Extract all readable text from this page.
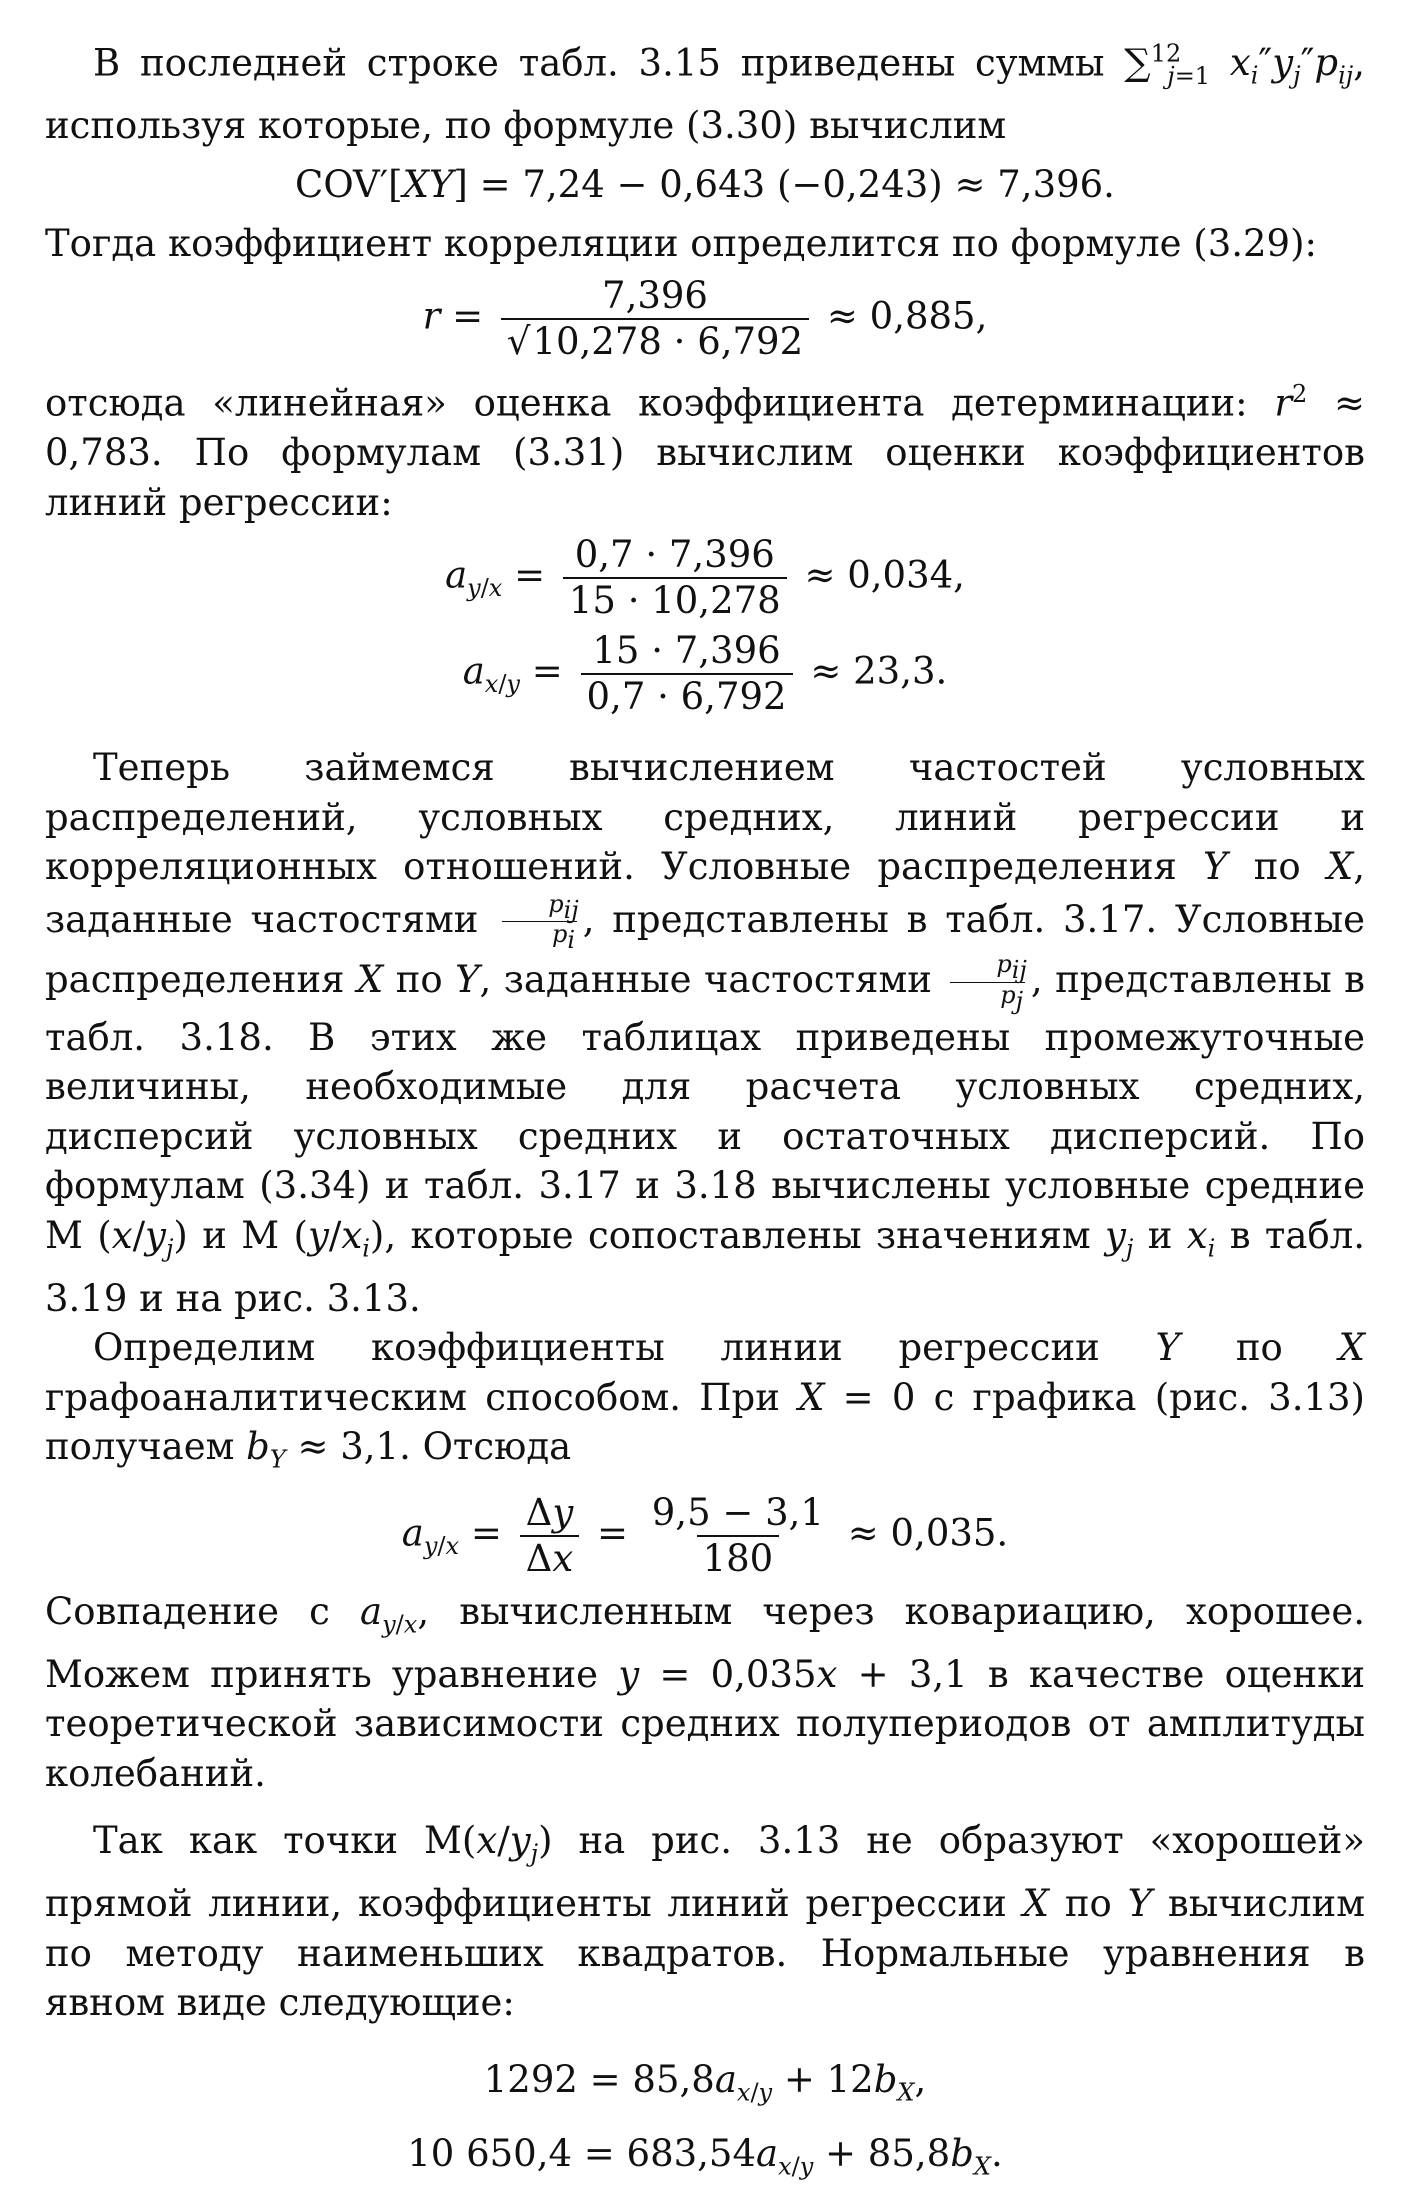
В последней строке табл. 3.15 приведены суммы ∑$^{12}_{j=1}$ $x_i''y_j''p_{ij}$, используя которые, по формуле (3.30) вычислим

COV′[XY] = 7,24 − 0,643 (−0,243) ≈ 7,396.

Тогда коэффициент корреляции определится по формуле (3.29):

$r = \frac{7,396}{√10,278 \cdot 6,792} \approx 0,885$,

отсюда «линейная» оценка коэффициента детерминации: $r^2 \approx 0,783$. По формулам (3.31) вычислим оценки коэффициентов линий регрессии:

$a_{y/x} = \frac{0,7 \cdot 7,396}{15 \cdot 10,278} \approx 0,034$,
$a_{x/y} = \frac{15 \cdot 7,396}{0,7 \cdot 6,792} \approx 23,3$.

Теперь займемся вычислением частостей условных распределений, условных средних, линий регрессии и корреляционных отношений. Условные распределения Y по X, заданные частостями $\frac{p_{ij}}{p_i}$ , представлены в табл. 3.17. Условные распределения X по Y, заданные частостями $\frac{p_{ij}}{p_j}$ , представлены в табл. 3.18. В этих же таблицах приведены промежуточные величины, необходимые для расчета условных средних, дисперсий условных средних и остаточных дисперсий. По формулам (3.34) и табл. 3.17 и 3.18 вычислены условные средние M $(x/y_j)$ и M $(y/x_i)$, которые сопоставлены значениям $y_j$ и $x_i$ в табл. 3.19 и на рис. 3.13.

Определим коэффициенты линии регрессии Y по X графоаналитическим способом. При X = 0 с графика (рис. 3.13) получаем $b_Y \approx 3,1$. Отсюда

$a_{y/x} = \frac{\Delta y}{\Delta x} = \frac{9,5 - 3,1}{180} \approx 0,035$.

Совпадение с $a_{y/x}$, вычисленным через ковариацию, хорошее. Можем принять уравнение y = 0,035x + 3,1 в качестве оценки теоретической зависимости средних полупериодов от амплитуды колебаний.

Так как точки $M(x/y_j)$ на рис. 3.13 не образуют «хорошей» прямой линии, коэффициенты линий регрессии X по Y вычислим по методу наименьших квадратов. Нормальные уравнения в явном виде следующие:

$1292 = 85,8a_{x/y} + 12b_X$,
10 $650,4 = 683,54a_{x/y} + 85,8b_X$.
